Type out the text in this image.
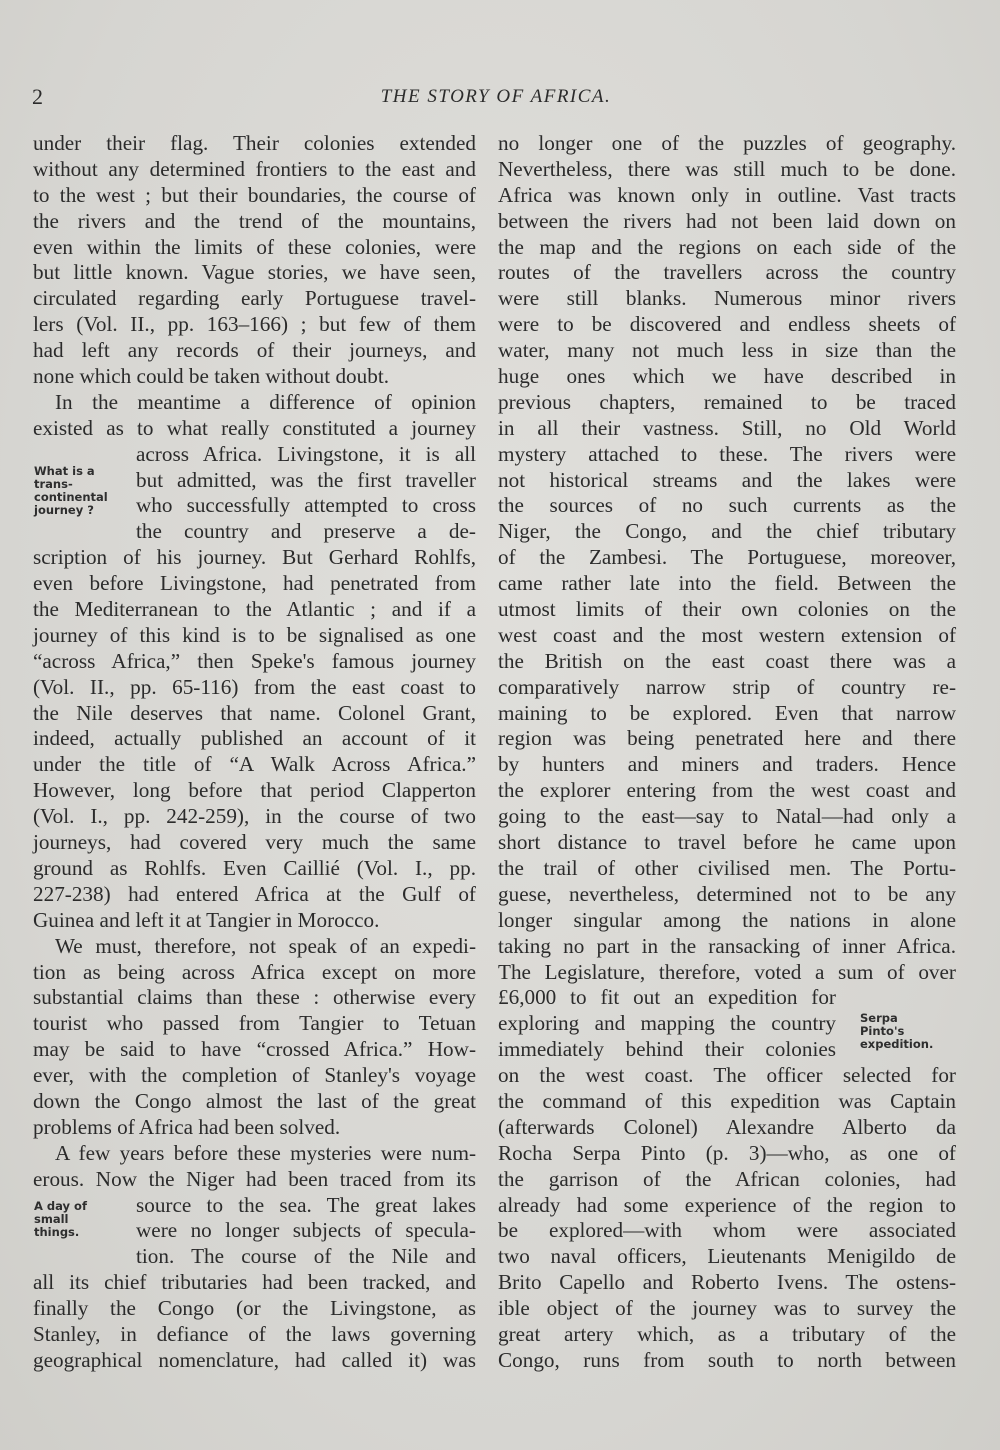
2	THE STORY OF AFRICA.
under their flag. Their colonies extended
without any determined frontiers to the east and
to the west ; but their boundaries, the course of
the rivers and the trend of the mountains,
even within the limits of these colonies, were
but little known. Vague stories, we have seen,
circulated regarding early Portuguese travel-
lers (Vol. II., pp. 163–166) ; but few of them
had left any records of their journeys, and
none which could be taken without doubt.
In the meantime a difference of opinion
existed as to what really constituted a journey
across Africa. Livingstone, it is all
but admitted, was the first traveller
who successfully attempted to cross
the country and preserve a de-
scription of his journey. But Gerhard Rohlfs,
even before Livingstone, had penetrated from
the Mediterranean to the Atlantic ; and if a
journey of this kind is to be signalised as one
“across Africa,” then Speke's famous journey
(Vol. II., pp. 65-116) from the east coast to
the Nile deserves that name. Colonel Grant,
indeed, actually published an account of it
under the title of “A Walk Across Africa.”
However, long before that period Clapperton
(Vol. I., pp. 242-259), in the course of two
journeys, had covered very much the same
ground as Rohlfs. Even Caillié (Vol. I., pp.
227-238) had entered Africa at the Gulf of
Guinea and left it at Tangier in Morocco.
We must, therefore, not speak of an expedi-
tion as being across Africa except on more
substantial claims than these : otherwise every
tourist who passed from Tangier to Tetuan
may be said to have “crossed Africa.” How-
ever, with the completion of Stanley's voyage
down the Congo almost the last of the great
problems of Africa had been solved.
A few years before these mysteries were num-
erous. Now the Niger had been traced from its
source to the sea. The great lakes
were no longer subjects of specula-
tion. The course of the Nile and
all its chief tributaries had been tracked, and
finally the Congo (or the Livingstone, as
Stanley, in defiance of the laws governing
geographical nomenclature, had called it) was
no longer one of the puzzles of geography.
Nevertheless, there was still much to be done.
Africa was known only in outline. Vast tracts
between the rivers had not been laid down on
the map and the regions on each side of the
routes of the travellers across the country
were still blanks. Numerous minor rivers
were to be discovered and endless sheets of
water, many not much less in size than the
huge ones which we have described in
previous chapters, remained to be traced
in all their vastness. Still, no Old World
mystery attached to these. The rivers were
not historical streams and the lakes were
the sources of no such currents as the
Niger, the Congo, and the chief tributary
of the Zambesi. The Portuguese, moreover,
came rather late into the field. Between the
utmost limits of their own colonies on the
west coast and the most western extension of
the British on the east coast there was a
comparatively narrow strip of country re-
maining to be explored. Even that narrow
region was being penetrated here and there
by hunters and miners and traders. Hence
the explorer entering from the west coast and
going to the east—say to Natal—had only a
short distance to travel before he came upon
the trail of other civilised men. The Portu-
guese, nevertheless, determined not to be any
longer singular among the nations in alone
taking no part in the ransacking of inner Africa.
The Legislature, therefore, voted a sum of over
£6,000 to fit out an expedition for
exploring and mapping the country
immediately behind their colonies
on the west coast. The officer selected for
the command of this expedition was Captain
(afterwards Colonel) Alexandre Alberto da
Rocha Serpa Pinto (p. 3)—who, as one of
the garrison of the African colonies, had
already had some experience of the region to
be explored—with whom were associated
two naval officers, Lieutenants Menigildo de
Brito Capello and Roberto Ivens. The ostens-
ible object of the journey was to survey the
great artery which, as a tributary of the
Congo, runs from south to north between
What is a
trans-
continental
journey ?
A day of
small
things.
Serpa
Pinto's
expedition.
